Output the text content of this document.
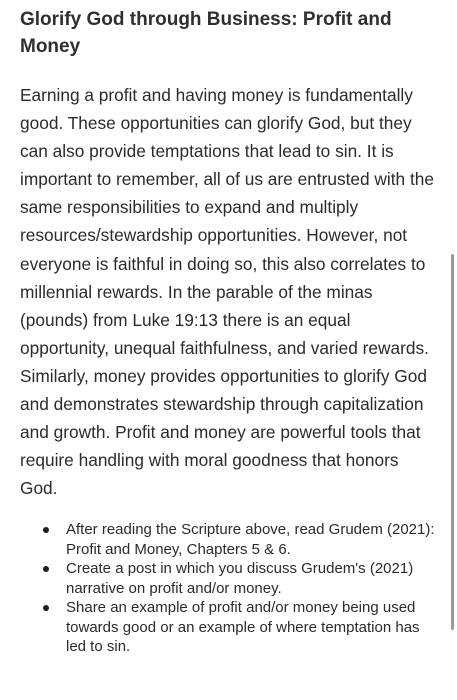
Glorify God through Business: Profit and Money

Earning a profit and having money is fundamentally good. These opportunities can glorify God, but they can also provide temptations that lead to sin. It is important to remember, all of us are entrusted with the same responsibilities to expand and multiply resources/stewardship opportunities. However, not everyone is faithful in doing so, this also correlates to millennial rewards. In the parable of the minas (pounds) from Luke 19:13 there is an equal opportunity, unequal faithfulness, and varied rewards. Similarly, money provides opportunities to glorify God and demonstrates stewardship through capitalization and growth. Profit and money are powerful tools that require handling with moral goodness that honors God.

After reading the Scripture above, read Grudem (2021): Profit and Money, Chapters 5 & 6.
Create a post in which you discuss Grudem's (2021) narrative on profit and/or money.
Share an example of profit and/or money being used towards good or an example of where temptation has led to sin.
